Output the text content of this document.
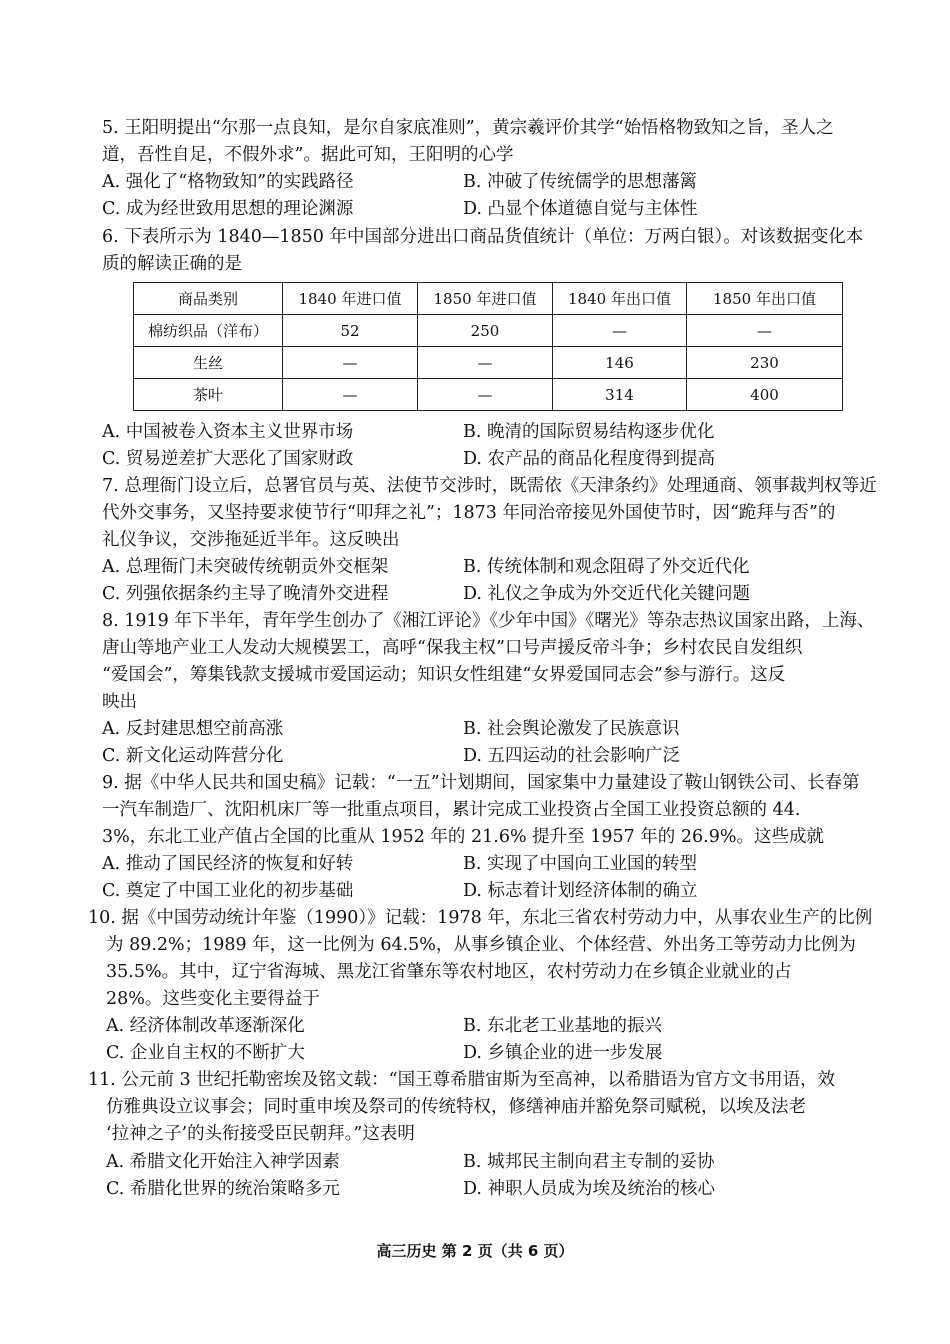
5. 王阳明提出“尔那一点良知，是尔自家底准则”，黄宗羲评价其学“始悟格物致知之旨，圣人之
道，吾性自足，不假外求”。据此可知，王阳明的心学
A. 强化了“格物致知”的实践路径	B. 冲破了传统儒学的思想藩篱
C. 成为经世致用思想的理论渊源	D. 凸显个体道德自觉与主体性
6. 下表所示为 1840—1850 年中国部分进出口商品货值统计（单位：万两白银）。对该数据变化本
质的解读正确的是
商品类别	1840 年进口值	1850 年进口值	1840 年出口值	1850 年出口值
棉纺织品（洋布）	52	250	—	—
生丝	—	—	146	230
茶叶	—	—	314	400
A. 中国被卷入资本主义世界市场	B. 晚清的国际贸易结构逐步优化
C. 贸易逆差扩大恶化了国家财政	D. 农产品的商品化程度得到提高
7. 总理衙门设立后，总署官员与英、法使节交涉时，既需依《天津条约》处理通商、领事裁判权等近
代外交事务，又坚持要求使节行“叩拜之礼”；1873 年同治帝接见外国使节时，因“跪拜与否”的
礼仪争议，交涉拖延近半年。这反映出
A. 总理衙门未突破传统朝贡外交框架	B. 传统体制和观念阻碍了外交近代化
C. 列强依据条约主导了晚清外交进程	D. 礼仪之争成为外交近代化关键问题
8. 1919 年下半年，青年学生创办了《湘江评论》《少年中国》《曙光》等杂志热议国家出路，上海、
唐山等地产业工人发动大规模罢工，高呼“保我主权”口号声援反帝斗争；乡村农民自发组织
“爱国会”，筹集钱款支援城市爱国运动；知识女性组建“女界爱国同志会”参与游行。这反
映出
A. 反封建思想空前高涨	B. 社会舆论激发了民族意识
C. 新文化运动阵营分化	D. 五四运动的社会影响广泛
9. 据《中华人民共和国史稿》记载：“一五”计划期间，国家集中力量建设了鞍山钢铁公司、长春第
一汽车制造厂、沈阳机床厂等一批重点项目，累计完成工业投资占全国工业投资总额的 44.
3%，东北工业产值占全国的比重从 1952 年的 21.6% 提升至 1957 年的 26.9%。这些成就
A. 推动了国民经济的恢复和好转	B. 实现了中国向工业国的转型
C. 奠定了中国工业化的初步基础	D. 标志着计划经济体制的确立
10. 据《中国劳动统计年鉴（1990）》记载：1978 年，东北三省农村劳动力中，从事农业生产的比例
为 89.2%；1989 年，这一比例为 64.5%，从事乡镇企业、个体经营、外出务工等劳动力比例为
35.5%。其中，辽宁省海城、黑龙江省肇东等农村地区，农村劳动力在乡镇企业就业的占
28%。这些变化主要得益于
A. 经济体制改革逐渐深化	B. 东北老工业基地的振兴
C. 企业自主权的不断扩大	D. 乡镇企业的进一步发展
11. 公元前 3 世纪托勒密埃及铭文载：“国王尊希腊宙斯为至高神，以希腊语为官方文书用语，效
仿雅典设立议事会；同时重申埃及祭司的传统特权，修缮神庙并豁免祭司赋税，以埃及法老
‘拉神之子’的头衔接受臣民朝拜。”这表明
A. 希腊文化开始注入神学因素	B. 城邦民主制向君主专制的妥协
C. 希腊化世界的统治策略多元	D. 神职人员成为埃及统治的核心
高三历史 第 2 页（共 6 页）
